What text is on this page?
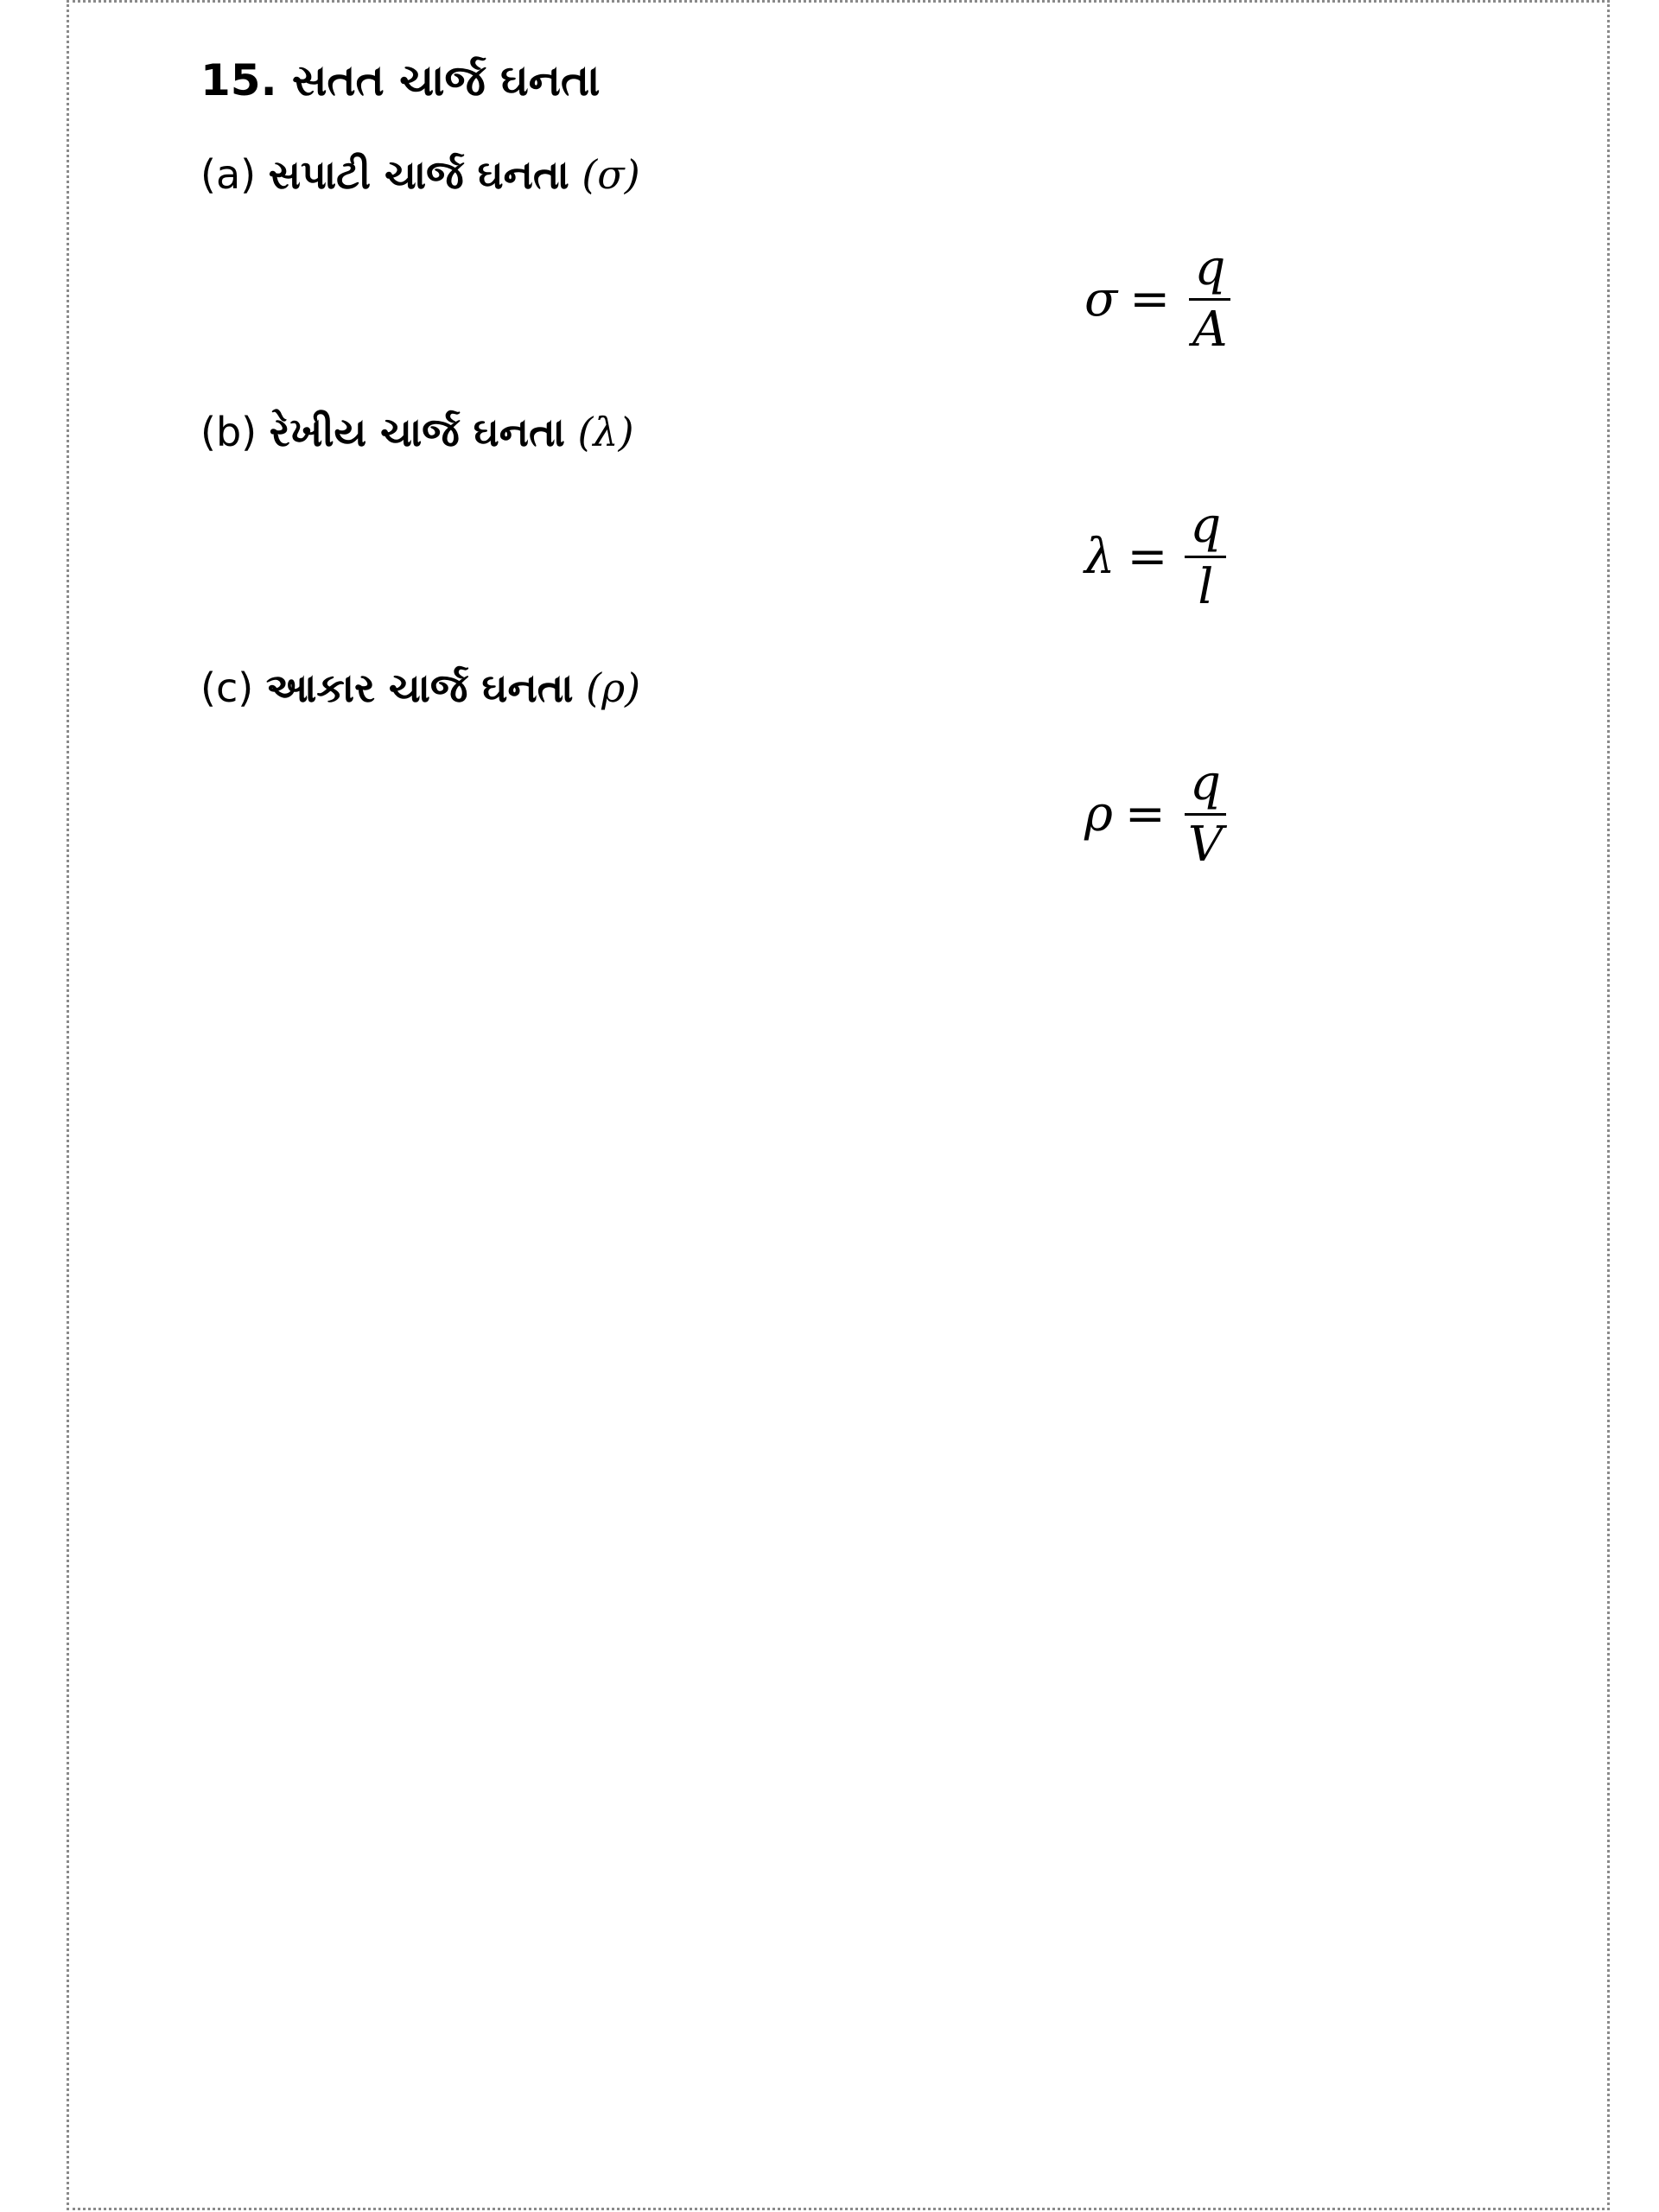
15. સતત ચાર્જ ઘનતા

(a) સપાટી ચાર્જ ઘનતા (σ)

$\sigma = \frac{q}{A}$

(b) રેખીય ચાર્જ ઘનતા (λ)

$\lambda = \frac{q}{l}$

(c) આકાર ચાર્જ ઘનતા (ρ)

$\rho = \frac{q}{V}$
